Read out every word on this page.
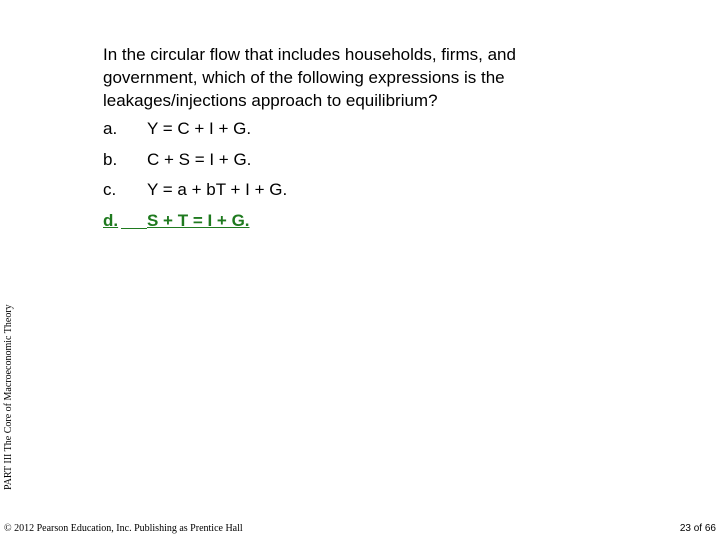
In the circular flow that includes households, firms, and
government, which of the following expressions is the
leakages/injections approach to equilibrium?
a. Y = C + I + G.
b. C + S = I + G.
c. Y = a + bT + I + G.
d. S + T = I + G.
PART III The Core of Macroeconomic Theory
© 2012 Pearson Education, Inc. Publishing as Prentice Hall	23 of 66
